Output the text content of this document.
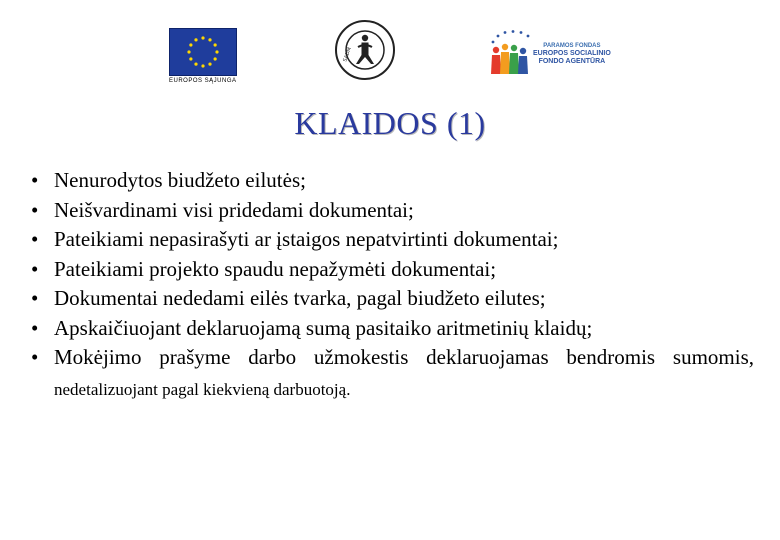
EUROPOS SĄJUNGA
SADM
PARAMOS FONDAS
EUROPOS SOCIALINIO
FONDO AGENTŪRA
KLAIDOS (1)
• Nenurodytos biudžeto eilutės;
• Neišvardinami visi pridedami dokumentai;
• Pateikiami nepasirašyti ar įstaigos nepatvirtinti dokumentai;
• Pateikiami projekto spaudu nepažymėti dokumentai;
• Dokumentai nededami eilės tvarka, pagal biudžeto eilutes;
• Apskaičiuojant deklaruojamą sumą pasitaiko aritmetinių klaidų;
• Mokėjimo prašyme darbo užmokestis deklaruojamas bendromis sumomis, nedetalizuojant pagal kiekvieną darbuotoją.
